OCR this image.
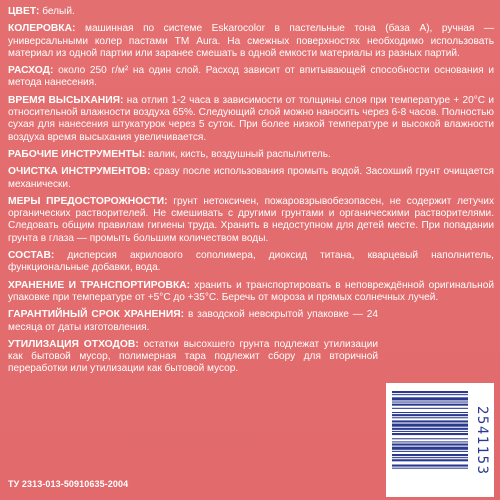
ЦВЕТ: белый.
КОЛЕРОВКА: машинная по системе Eskarocolor в пастельные тона (база А), ручная — универсальными колер пастами ТМ Aura. На смежных поверхностях необходимо использовать материал из одной партии или заранее смешать в одной емкости материалы из разных партий.
РАСХОД: около 250 г/м² на один слой. Расход зависит от впитывающей способности основания и метода нанесения.
ВРЕМЯ ВЫСЫХАНИЯ: на отлип 1-2 часа в зависимости от толщины слоя при температуре + 20°С и относительной влажности воздуха 65%. Следующий слой можно наносить через 6-8 часов. Полностью сухая для нанесения штукатурок через 5 суток. При более низкой температуре и высокой влажности воздуха время высыхания увеличивается.
РАБОЧИЕ ИНСТРУМЕНТЫ: валик, кисть, воздушный распылитель.
ОЧИСТКА ИНСТРУМЕНТОВ: сразу после использования промыть водой. Засохший грунт очищается механически.
МЕРЫ ПРЕДОСТОРОЖНОСТИ: грунт нетоксичен, пожаровзрывобезопасен, не содержит летучих органических растворителей. Не смешивать с другими грунтами и органическими растворителями. Следовать общим правилам гигиены труда. Хранить в недоступном для детей месте. При попадании грунта в глаза — промыть большим количеством воды.
СОСТАВ: дисперсия акрилового сополимера, диоксид титана, кварцевый наполнитель, функциональные добавки, вода.
ХРАНЕНИЕ И ТРАНСПОРТИРОВКА: хранить и транспортировать в неповреждённой оригинальной упаковке при температуре от +5°С до +35°С. Беречь от мороза и прямых солнечных лучей.
ГАРАНТИЙНЫЙ СРОК ХРАНЕНИЯ: в заводской невскрытой упаковке — 24 месяца от даты изготовления.
УТИЛИЗАЦИЯ ОТХОДОВ: остатки высохшего грунта подлежат утилизации как бытовой мусор, полимерная тара подлежит сбору для вторичной переработки или утилизации как бытовой мусор.
ТУ 2313-013-50910635-2004
2541153
